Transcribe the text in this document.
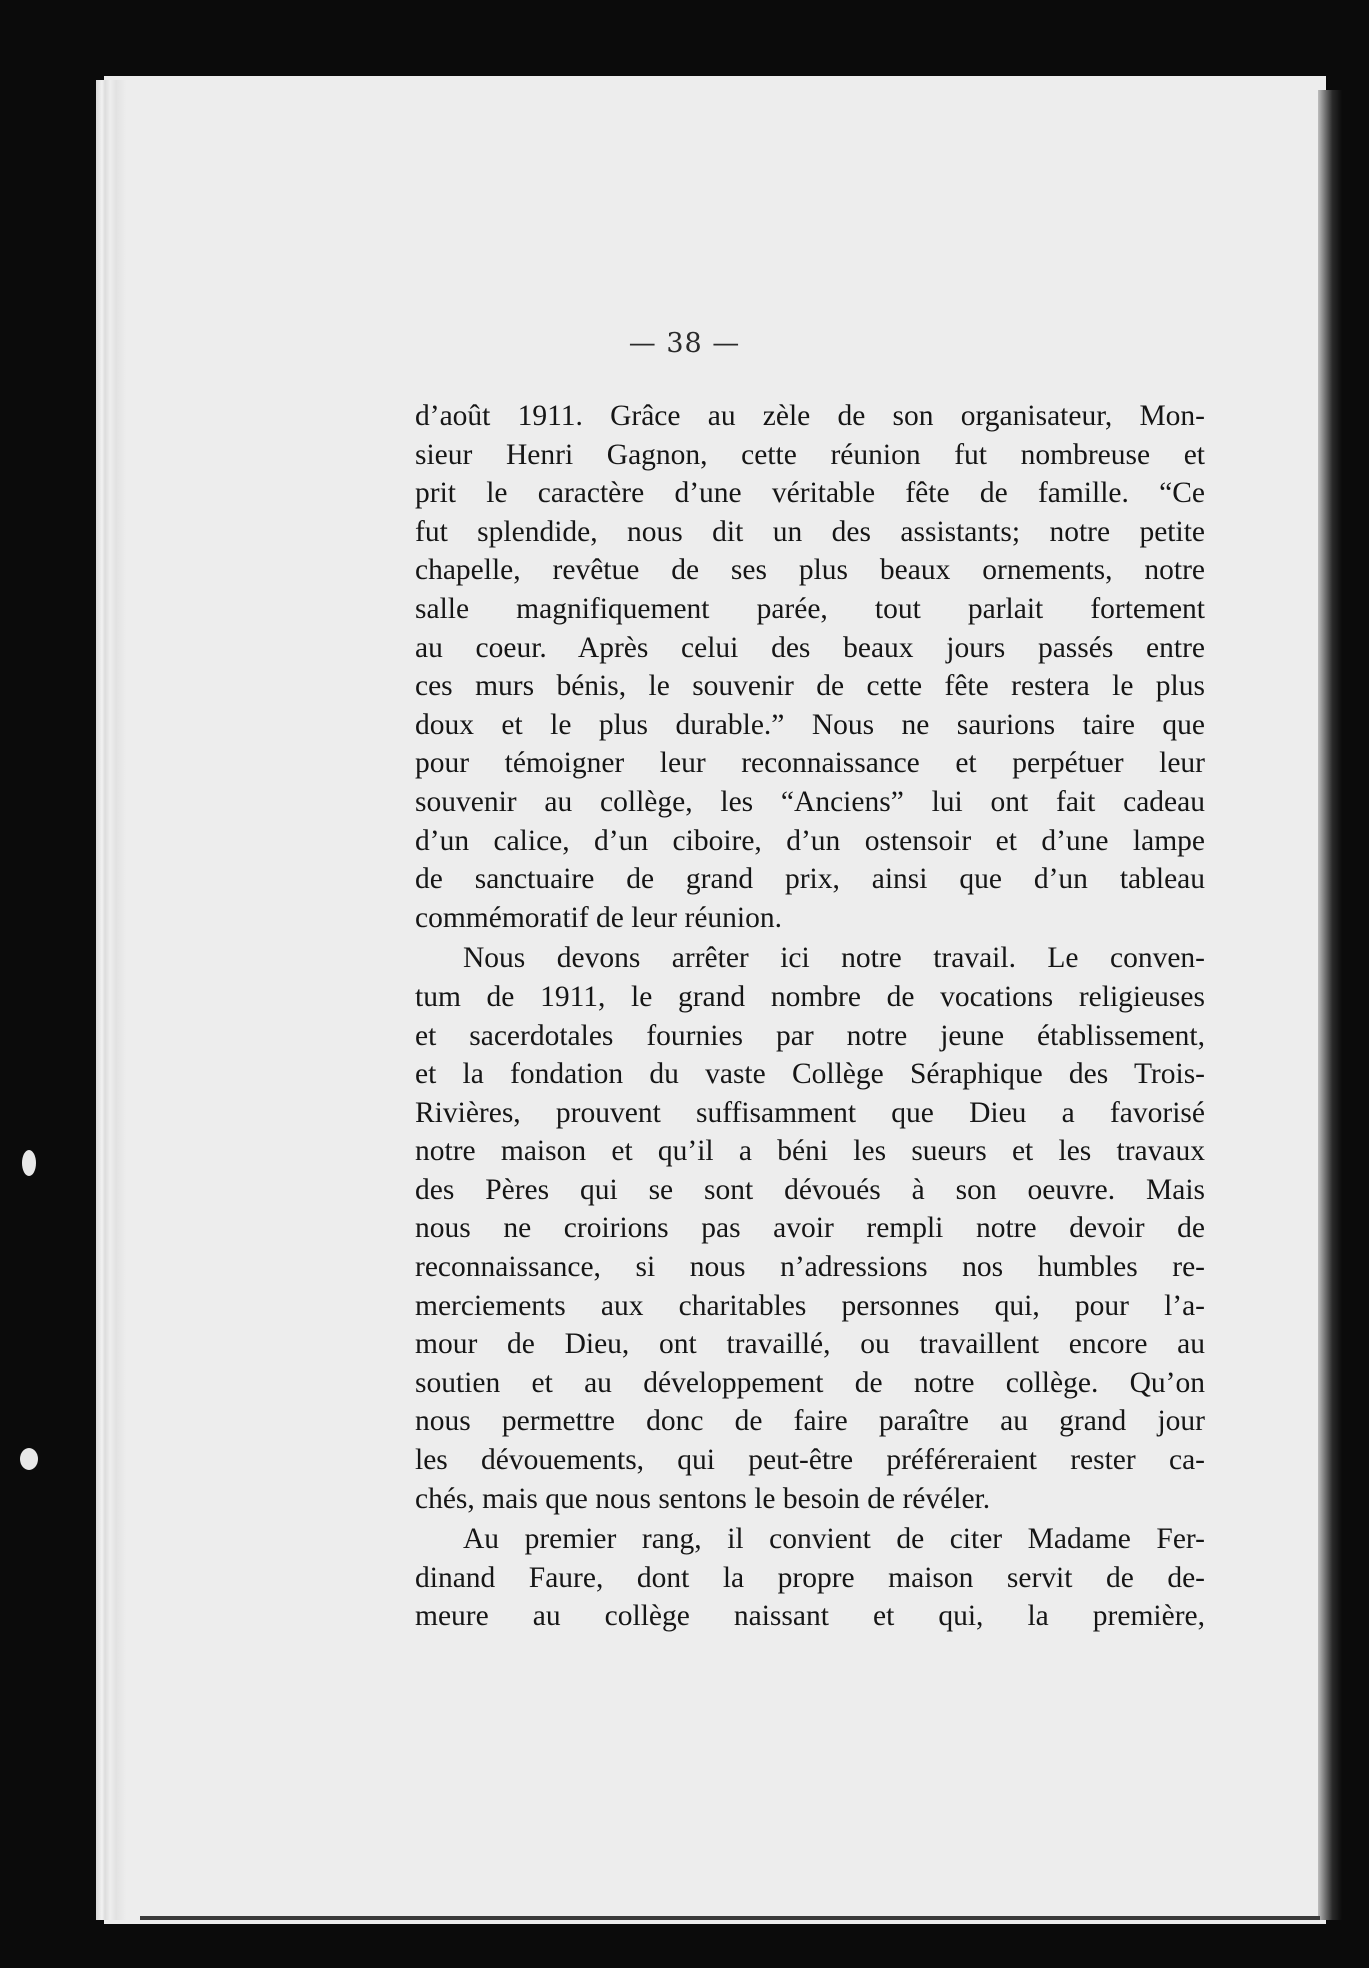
— 38 —
d’août 1911. Grâce au zèle de son organisateur, Mon-
sieur Henri Gagnon, cette réunion fut nombreuse et
prit le caractère d’une véritable fête de famille. “Ce
fut splendide, nous dit un des assistants; notre petite
chapelle, revêtue de ses plus beaux ornements, notre
salle magnifiquement parée, tout parlait fortement
au coeur. Après celui des beaux jours passés entre
ces murs bénis, le souvenir de cette fête restera le plus
doux et le plus durable.” Nous ne saurions taire que
pour témoigner leur reconnaissance et perpétuer leur
souvenir au collège, les “Anciens” lui ont fait cadeau
d’un calice, d’un ciboire, d’un ostensoir et d’une lampe
de sanctuaire de grand prix, ainsi que d’un tableau
commémoratif de leur réunion.
Nous devons arrêter ici notre travail. Le conven-
tum de 1911, le grand nombre de vocations religieuses
et sacerdotales fournies par notre jeune établissement,
et la fondation du vaste Collège Séraphique des Trois-
Rivières, prouvent suffisamment que Dieu a favorisé
notre maison et qu’il a béni les sueurs et les travaux
des Pères qui se sont dévoués à son oeuvre. Mais
nous ne croirions pas avoir rempli notre devoir de
reconnaissance, si nous n’adressions nos humbles re-
merciements aux charitables personnes qui, pour l’a-
mour de Dieu, ont travaillé, ou travaillent encore au
soutien et au développement de notre collège. Qu’on
nous permettre donc de faire paraître au grand jour
les dévouements, qui peut-être préféreraient rester ca-
chés, mais que nous sentons le besoin de révéler.
Au premier rang, il convient de citer Madame Fer-
dinand Faure, dont la propre maison servit de de-
meure au collège naissant et qui, la première,
